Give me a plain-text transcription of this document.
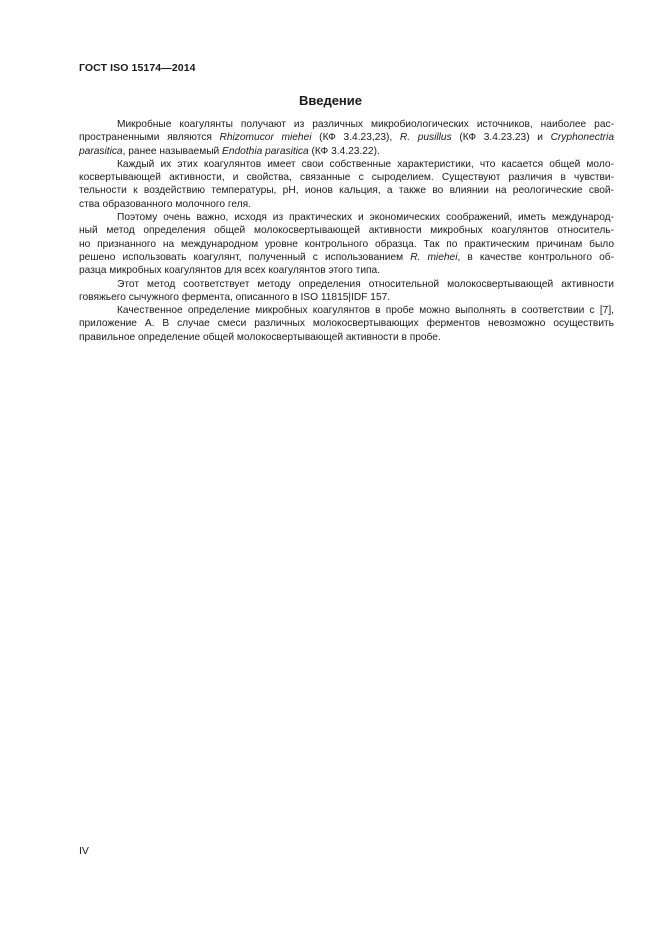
ГОСТ ISO 15174—2014
Введение
Микробные коагулянты получают из различных микробиологических источников, наиболее рас-
пространенными являются Rhizomucor miehei (КФ 3.4.23,23), R. pusillus (КФ 3.4.23.23) и Cryphonectria
parasitica, ранее называемый Endothia parasitica (КФ 3.4.23.22).
Каждый их этих коагулянтов имеет свои собственные характеристики, что касается общей моло-
косвертывающей активности, и свойства, связанные с сыроделием. Существуют различия в чувстви-
тельности к воздействию температуры, pH, ионов кальция, а также во влиянии на реологические свой-
ства образованного молочного геля.
Поэтому очень важно, исходя из практических и экономических соображений, иметь международ-
ный метод определения общей молокосвертывающей активности микробных коагулянтов относитель-
но признанного на международном уровне контрольного образца. Так по практическим причинам было
решено использовать коагулянт, полученный с использованием R. miehei, в качестве контрольного об-
разца микробных коагулянтов для всех коагулянтов этого типа.
Этот метод соответствует методу определения относительной молокосвертывающей активности
говяжьего сычужного фермента, описанного в ISO 11815|IDF 157.
Качественное определение микробных коагулянтов в пробе можно выполнять в соответствии с [7],
приложение А. В случае смеси различных молокосвертывающих ферментов невозможно осуществить
правильное определение общей молокосвертывающей активности в пробе.
IV
